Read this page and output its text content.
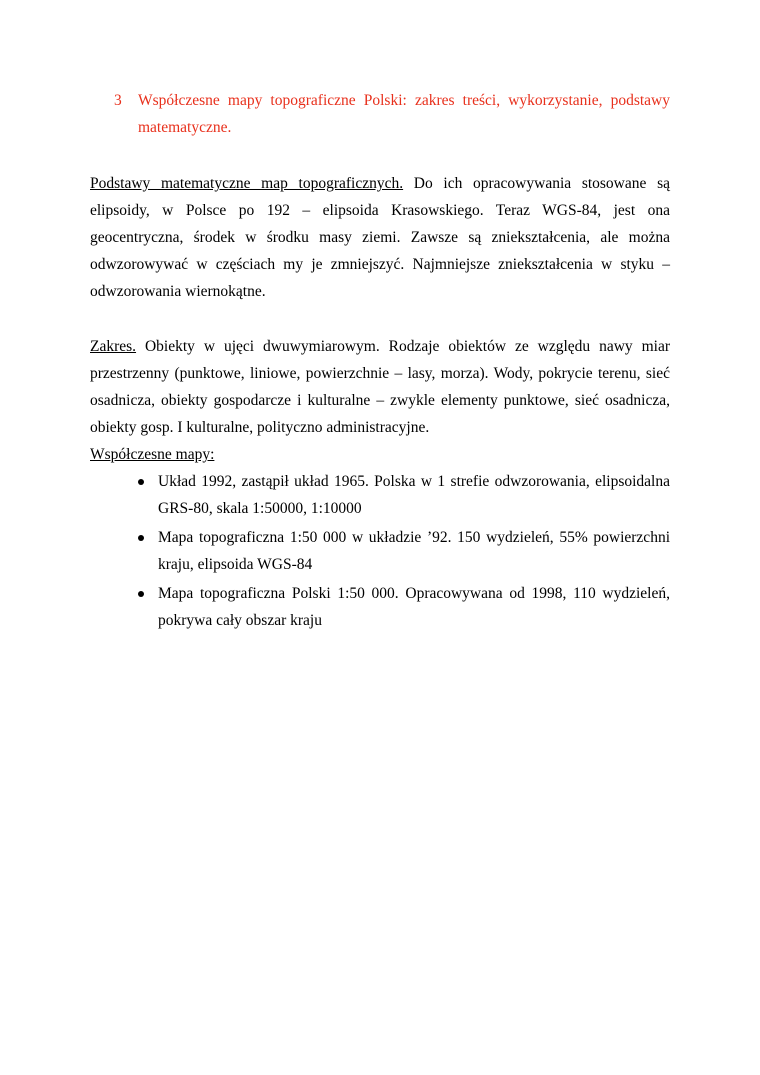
3	Współczesne mapy topograficzne Polski: zakres treści, wykorzystanie, podstawy matematyczne.

Podstawy matematyczne map topograficznych. Do ich opracowywania stosowane są elipsoidy, w Polsce po 192 – elipsoida Krasowskiego. Teraz WGS-84, jest ona geocentryczna, środek w środku masy ziemi. Zawsze są zniekształcenia, ale można odwzorowywać w częściach my je zmniejszyć. Najmniejsze zniekształcenia w styku – odwzorowania wiernokątne.

Zakres. Obiekty w ujęci dwuwymiarowym. Rodzaje obiektów ze względu nawy miar przestrzenny (punktowe, liniowe, powierzchnie – lasy, morza). Wody, pokrycie terenu, sieć osadnicza, obiekty gospodarcze i kulturalne – zwykle elementy punktowe, sieć osadnicza, obiekty gosp. I kulturalne, polityczno administracyjne.

Współczesne mapy:

Układ 1992, zastąpił układ 1965. Polska w 1 strefie odwzorowania, elipsoidalna GRS-80, skala 1:50000, 1:10000
Mapa topograficzna 1:50 000 w układzie ’92. 150 wydzieleń, 55% powierzchni kraju, elipsoida WGS-84
Mapa topograficzna Polski 1:50 000. Opracowywana od 1998, 110 wydzieleń, pokrywa cały obszar kraju
